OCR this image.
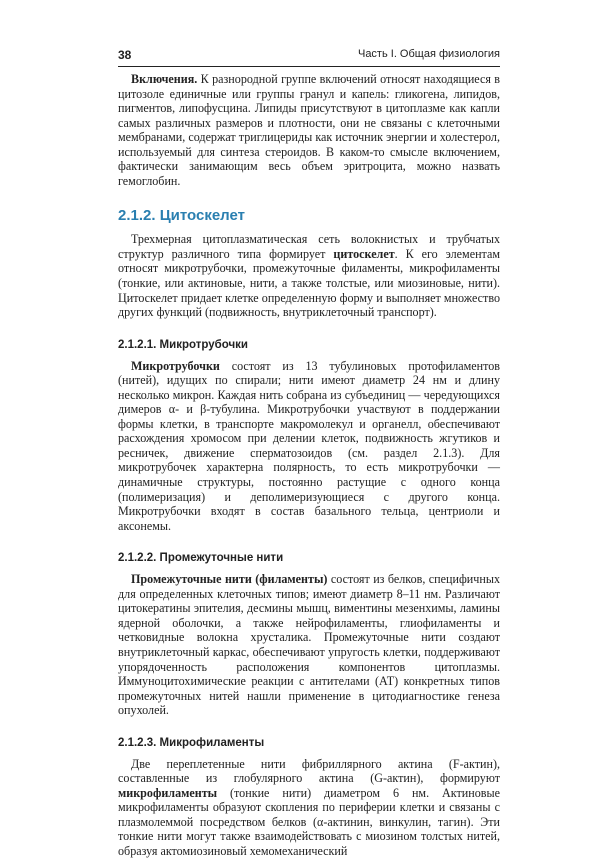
38	Часть I. Общая физиология

Включения. К разнородной группе включений относят находящиеся в цитозоле единичные или группы гранул и капель: гликогена, липидов, пигментов, липофусцина. Липиды присутствуют в цитоплазме как капли самых различных размеров и плотности, они не связаны с клеточными мембранами, содержат триглицериды как источник энергии и холестерол, используемый для синтеза стероидов. В каком-то смысле включением, фактически занимающим весь объем эритроцита, можно назвать гемоглобин.

2.1.2. Цитоскелет

Трехмерная цитоплазматическая сеть волокнистых и трубчатых структур различного типа формирует цитоскелет. К его элементам относят микротрубочки, промежуточные филаменты, микрофиламенты (тонкие, или актиновые, нити, а также толстые, или миозиновые, нити). Цитоскелет придает клетке определенную форму и выполняет множество других функций (подвижность, внутриклеточный транспорт).

2.1.2.1. Микротрубочки

Микротрубочки состоят из 13 тубулиновых протофиламентов (нитей), идущих по спирали; нити имеют диаметр 24 нм и длину несколько микрон. Каждая нить собрана из субъединиц — чередующихся димеров α- и β-тубулина. Микротрубочки участвуют в поддержании формы клетки, в транспорте макромолекул и органелл, обеспечивают расхождения хромосом при делении клеток, подвижность жгутиков и ресничек, движение сперматозоидов (см. раздел 2.1.3). Для микротрубочек характерна полярность, то есть микротрубочки — динамичные структуры, постоянно растущие с одного конца (полимеризация) и деполимеризующиеся с другого конца. Микротрубочки входят в состав базального тельца, центриоли и аксонемы.

2.1.2.2. Промежуточные нити

Промежуточные нити (филаменты) состоят из белков, специфичных для определенных клеточных типов; имеют диаметр 8–11 нм. Различают цитокератины эпителия, десмины мышц, виментины мезенхимы, ламины ядерной оболочки, а также нейрофиламенты, глиофиламенты и четковидные волокна хрусталика. Промежуточные нити создают внутриклеточный каркас, обеспечивают упругость клетки, поддерживают упорядоченность расположения компонентов цитоплазмы. Иммуноцитохимические реакции с антителами (АТ) конкретных типов промежуточных нитей нашли применение в цитодиагностике генеза опухолей.

2.1.2.3. Микрофиламенты

Две переплетенные нити фибриллярного актина (F-актин), составленные из глобулярного актина (G-актин), формируют микрофиламенты (тонкие нити) диаметром 6 нм. Актиновые микрофиламенты образуют скопления по периферии клетки и связаны с плазмолеммой посредством белков (α-актинин, винкулин, тагин). Эти тонкие нити могут также взаимодействовать с миозином толстых нитей, образуя актомиозиновый хемомеханический
